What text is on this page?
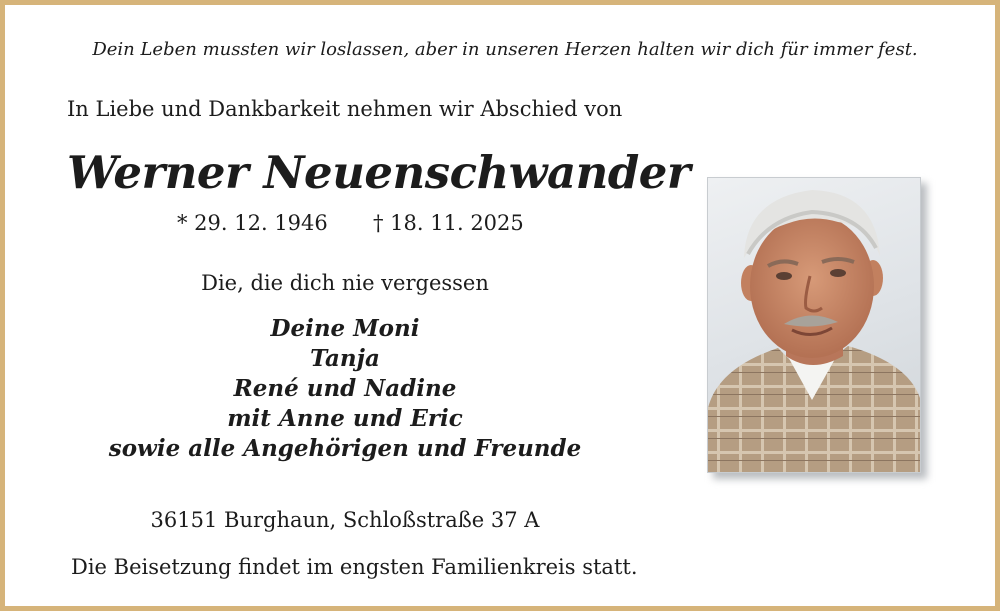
Dein Leben mussten wir loslassen, aber in unseren Herzen halten wir dich für immer fest.
In Liebe und Dankbarkeit nehmen wir Abschied von
Werner Neuenschwander
* 29. 12. 1946 † 18. 11. 2025
Die, die dich nie vergessen
Deine Moni
Tanja
René und Nadine
mit Anne und Eric
sowie alle Angehörigen und Freunde
36151 Burghaun, Schloßstraße 37 A
Die Beisetzung findet im engsten Familienkreis statt.
